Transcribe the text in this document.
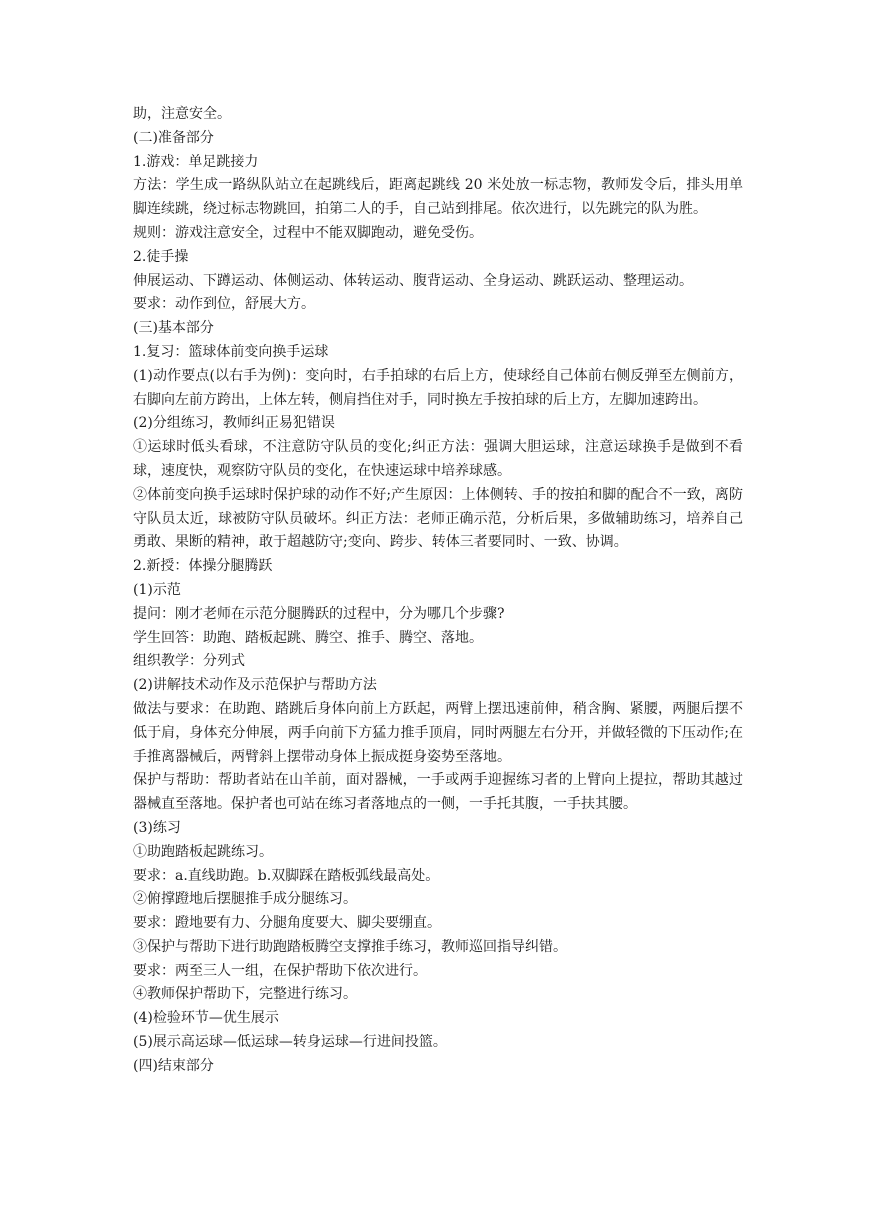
助，注意安全。

(二)准备部分

1.游戏：单足跳接力

方法：学生成一路纵队站立在起跳线后，距离起跳线 20 米处放一标志物，教师发令后，排头用单脚连续跳，绕过标志物跳回，拍第二人的手，自己站到排尾。依次进行，以先跳完的队为胜。

规则：游戏注意安全，过程中不能双脚跑动，避免受伤。

2.徒手操

伸展运动、下蹲运动、体侧运动、体转运动、腹背运动、全身运动、跳跃运动、整理运动。

要求：动作到位，舒展大方。

(三)基本部分

1.复习：篮球体前变向换手运球

(1)动作要点(以右手为例)：变向时，右手拍球的右后上方，使球经自己体前右侧反弹至左侧前方，右脚向左前方跨出，上体左转，侧肩挡住对手，同时换左手按拍球的后上方，左脚加速跨出。

(2)分组练习，教师纠正易犯错误

①运球时低头看球，不注意防守队员的变化;纠正方法：强调大胆运球，注意运球换手是做到不看球，速度快，观察防守队员的变化，在快速运球中培养球感。

②体前变向换手运球时保护球的动作不好;产生原因：上体侧转、手的按拍和脚的配合不一致，离防守队员太近，球被防守队员破坏。纠正方法：老师正确示范，分析后果，多做辅助练习，培养自己勇敢、果断的精神，敢于超越防守;变向、跨步、转体三者要同时、一致、协调。

2.新授：体操分腿腾跃

(1)示范

提问：刚才老师在示范分腿腾跃的过程中，分为哪几个步骤?

学生回答：助跑、踏板起跳、腾空、推手、腾空、落地。

组织教学：分列式

(2)讲解技术动作及示范保护与帮助方法

做法与要求：在助跑、踏跳后身体向前上方跃起，两臂上摆迅速前伸，稍含胸、紧腰，两腿后摆不低于肩，身体充分伸展，两手向前下方猛力推手顶肩，同时两腿左右分开，并做轻微的下压动作;在手推离器械后，两臂斜上摆带动身体上振成挺身姿势至落地。

保护与帮助：帮助者站在山羊前，面对器械，一手或两手迎握练习者的上臂向上提拉，帮助其越过器械直至落地。保护者也可站在练习者落地点的一侧，一手托其腹，一手扶其腰。

(3)练习

①助跑踏板起跳练习。

要求：a.直线助跑。b.双脚踩在踏板弧线最高处。

②俯撑蹬地后摆腿推手成分腿练习。

要求：蹬地要有力、分腿角度要大、脚尖要绷直。

③保护与帮助下进行助跑踏板腾空支撑推手练习，教师巡回指导纠错。

要求：两至三人一组，在保护帮助下依次进行。

④教师保护帮助下，完整进行练习。

(4)检验环节—优生展示

(5)展示高运球—低运球—转身运球—行进间投篮。

(四)结束部分
